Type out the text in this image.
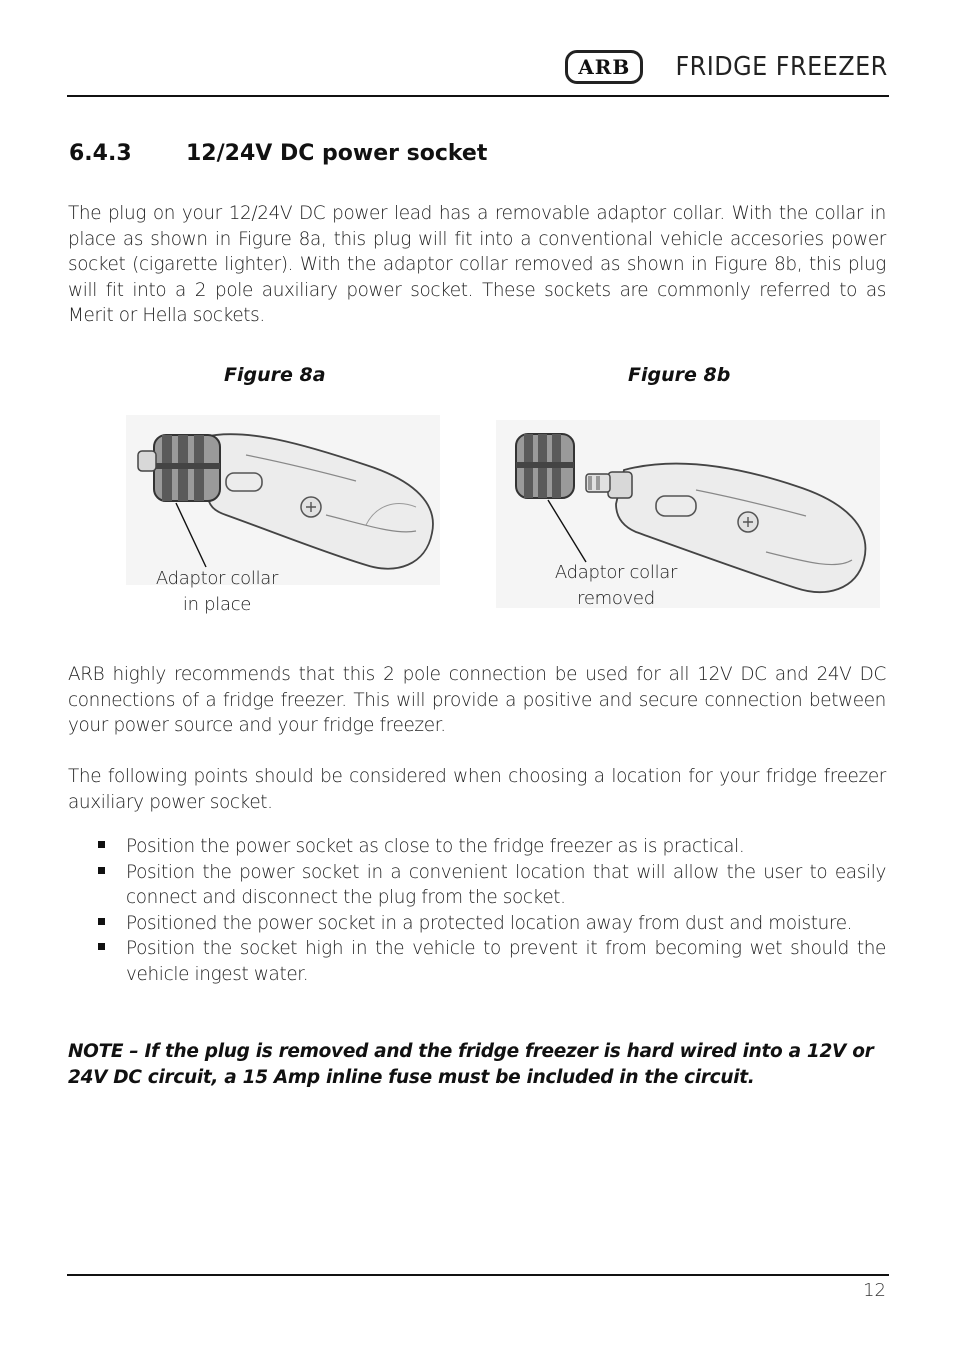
ARB FRIDGE FREEZER
6.4.3 12/24V DC power socket
The plug on your 12/24V DC power lead has a removable adaptor collar. With the collar in place as shown in Figure 8a, this plug will fit into a conventional vehicle accesories power socket (cigarette lighter). With the adaptor collar removed as shown in Figure 8b, this plug will fit into a 2 pole auxiliary power socket. These sockets are commonly referred to as Merit or Hella sockets.
Figure 8a	Figure 8b
Adaptor collar
in place
Adaptor collar
removed
ARB highly recommends that this 2 pole connection be used for all 12V DC and 24V DC connections of a fridge freezer. This will provide a positive and secure connection between your power source and your fridge freezer.
The following points should be considered when choosing a location for your fridge freezer auxiliary power socket.
Position the power socket as close to the fridge freezer as is practical.
Position the power socket in a convenient location that will allow the user to easily connect and disconnect the plug from the socket.
Positioned the power socket in a protected location away from dust and moisture.
Position the socket high in the vehicle to prevent it from becoming wet should the vehicle ingest water.
NOTE – If the plug is removed and the fridge freezer is hard wired into a 12V or 24V DC circuit, a 15 Amp inline fuse must be included in the circuit.
12
